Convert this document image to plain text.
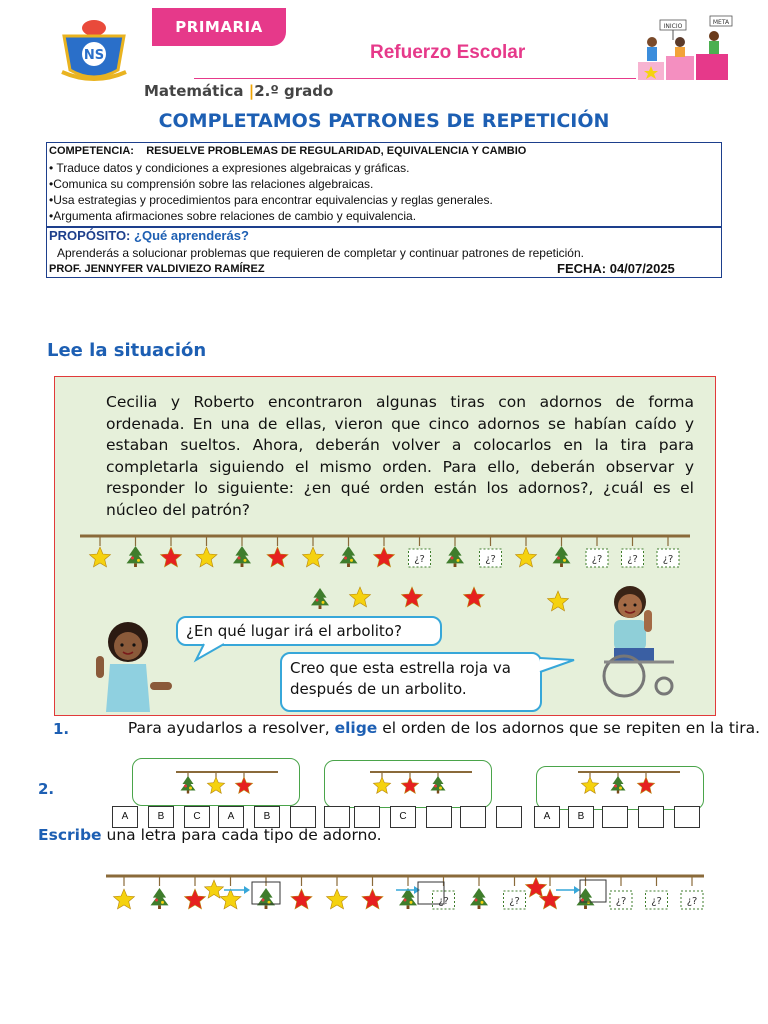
NS
PRIMARIA
Refuerzo Escolar
Matemática |2.º grado
INICIO
META
COMPLETAMOS PATRONES DE REPETICIÓN
COMPETENCIA: RESUELVE PROBLEMAS DE REGULARIDAD, EQUIVALENCIA Y CAMBIO
• Traduce datos y condiciones a expresiones algebraicas y gráficas.
•Comunica su comprensión sobre las relaciones algebraicas.
•Usa estrategias y procedimientos para encontrar equivalencias y reglas generales.
•Argumenta afirmaciones sobre relaciones de cambio y equivalencia.
PROPÓSITO: ¿Qué aprenderás?
Aprenderás a solucionar problemas que requieren de completar y continuar patrones de repetición.
PROF. JENNYFER VALDIVIEZO RAMÍREZ	FECHA: 04/07/2025
Lee la situación
Cecilia y Roberto encontraron algunas tiras con adornos de forma ordenada. En una de ellas, vieron que cinco adornos se habían caído y estaban sueltos. Ahora, deberán volver a colocarlos en la tira para completarla siguiendo el mismo orden. Para ello, deberán observar y responder lo siguiente: ¿en qué orden están los adornos?, ¿cuál es el núcleo del patrón?
¿?	¿?	¿? ¿? ¿?
¿En qué lugar irá el arbolito?
Creo que esta estrella roja va después de un arbolito.
1.	Para ayudarlos a resolver, elige el orden de los adornos que se repiten en la tira.
2.
A	B	C	A	B	C	A	B
Escribe una letra para cada tipo de adorno.
¿?	¿?	¿? ¿? ¿?
